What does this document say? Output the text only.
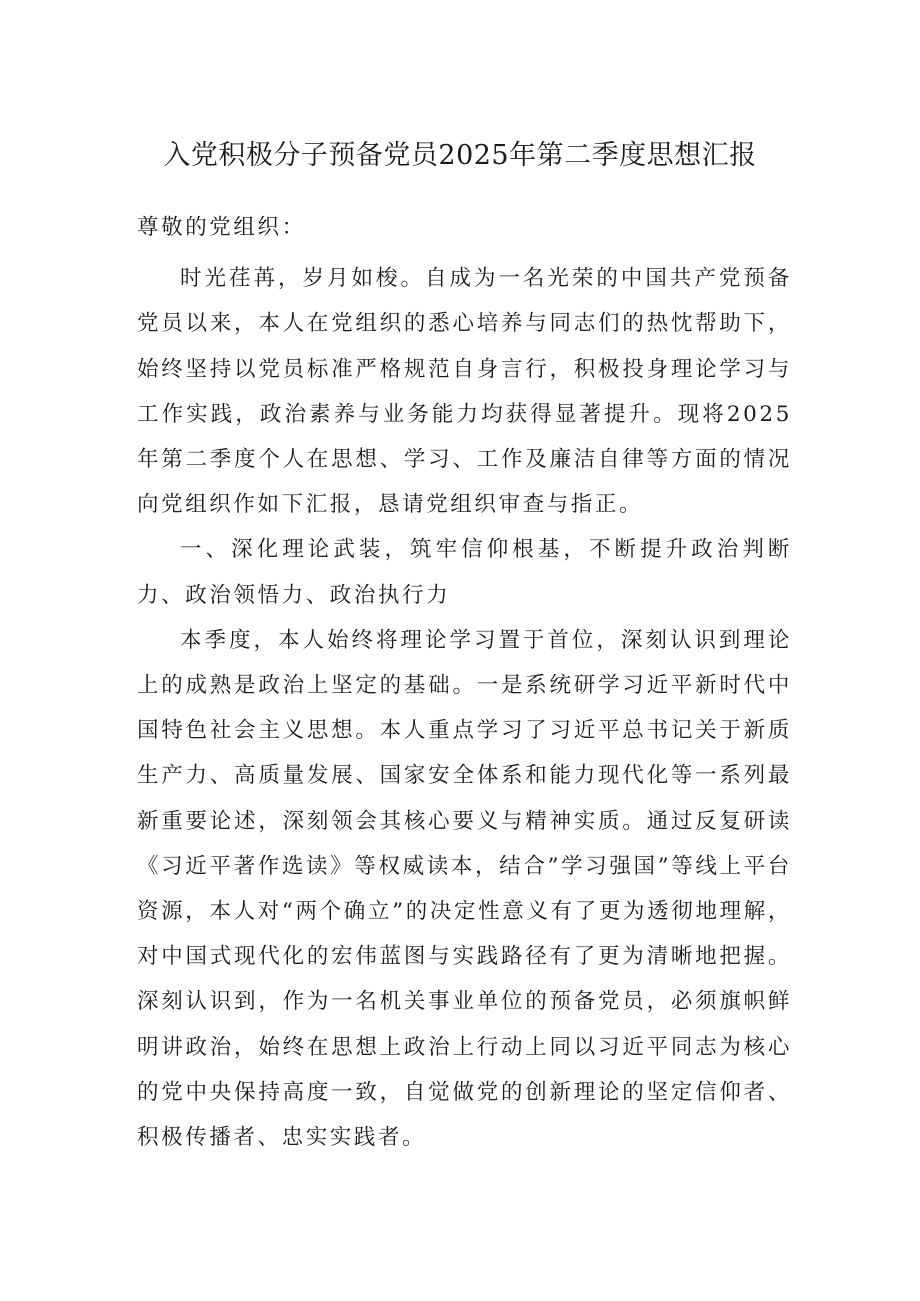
入党积极分子预备党员2025年第二季度思想汇报

尊敬的党组织：

时光荏苒，岁月如梭。自成为一名光荣的中国共产党预备党员以来，本人在党组织的悉心培养与同志们的热忱帮助下，始终坚持以党员标准严格规范自身言行，积极投身理论学习与工作实践，政治素养与业务能力均获得显著提升。现将2025年第二季度个人在思想、学习、工作及廉洁自律等方面的情况向党组织作如下汇报，恳请党组织审查与指正。

一、深化理论武装，筑牢信仰根基，不断提升政治判断力、政治领悟力、政治执行力

本季度，本人始终将理论学习置于首位，深刻认识到理论上的成熟是政治上坚定的基础。一是系统研学习近平新时代中国特色社会主义思想。本人重点学习了习近平总书记关于新质生产力、高质量发展、国家安全体系和能力现代化等一系列最新重要论述，深刻领会其核心要义与精神实质。通过反复研读《习近平著作选读》等权威读本，结合”学习强国”等线上平台资源，本人对“两个确立”的决定性意义有了更为透彻地理解，对中国式现代化的宏伟蓝图与实践路径有了更为清晰地把握。深刻认识到，作为一名机关事业单位的预备党员，必须旗帜鲜明讲政治，始终在思想上政治上行动上同以习近平同志为核心的党中央保持高度一致，自觉做党的创新理论的坚定信仰者、积极传播者、忠实实践者。
